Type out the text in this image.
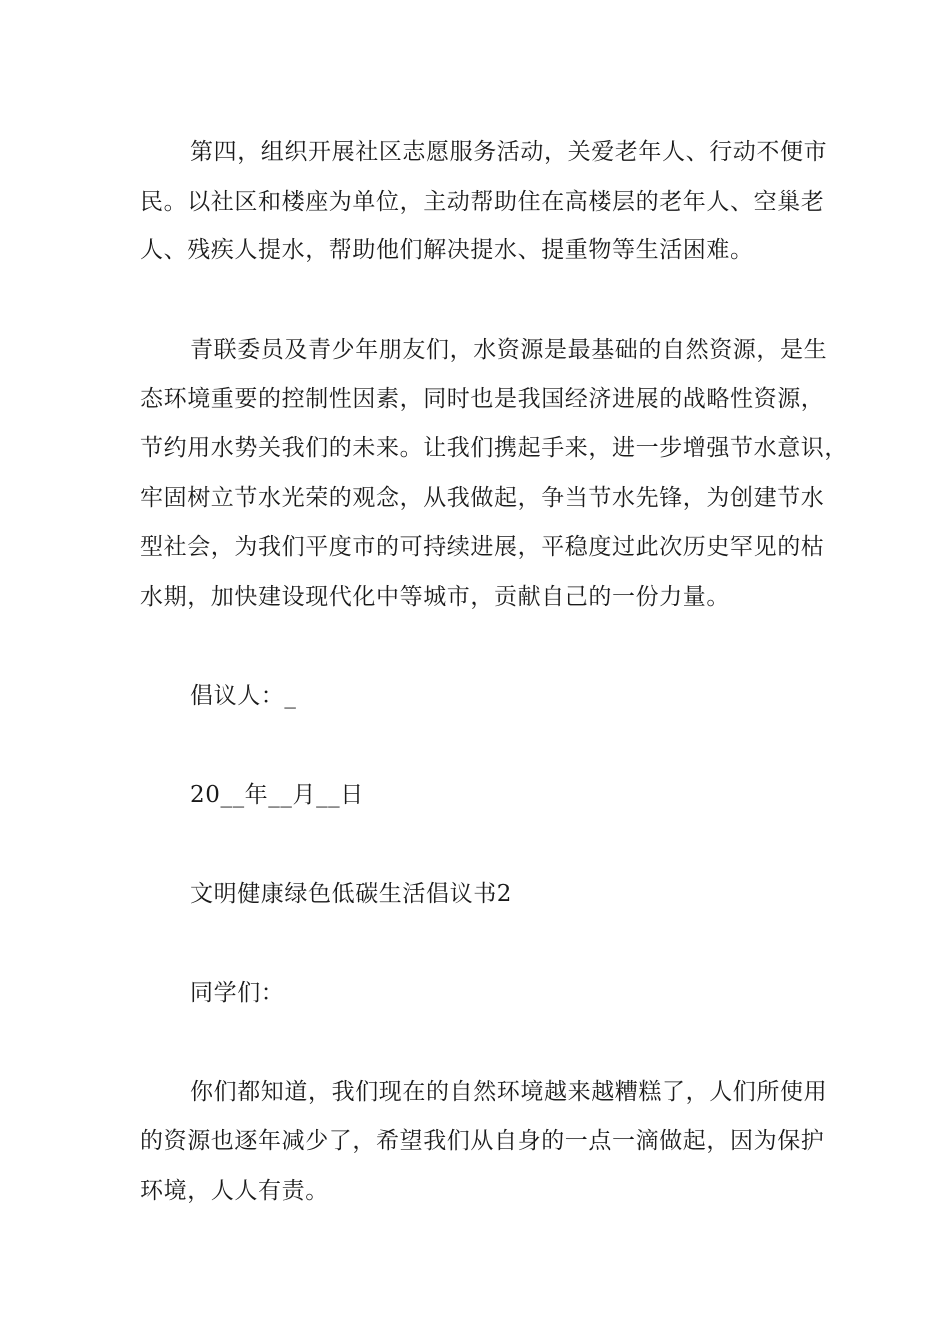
第四，组织开展社区志愿服务活动，关爱老年人、行动不便市
民。以社区和楼座为单位，主动帮助住在高楼层的老年人、空巢老
人、残疾人提水，帮助他们解决提水、提重物等生活困难。
青联委员及青少年朋友们，水资源是最基础的自然资源，是生
态环境重要的控制性因素，同时也是我国经济进展的战略性资源，
节约用水势关我们的未来。让我们携起手来，进一步增强节水意识，
牢固树立节水光荣的观念，从我做起，争当节水先锋，为创建节水
型社会，为我们平度市的可持续进展，平稳度过此次历史罕见的枯
水期，加快建设现代化中等城市，贡献自己的一份力量。
倡议人：_
20__年__月__日
文明健康绿色低碳生活倡议书2
同学们：
你们都知道，我们现在的自然环境越来越糟糕了，人们所使用
的资源也逐年减少了，希望我们从自身的一点一滴做起，因为保护
环境，人人有责。
